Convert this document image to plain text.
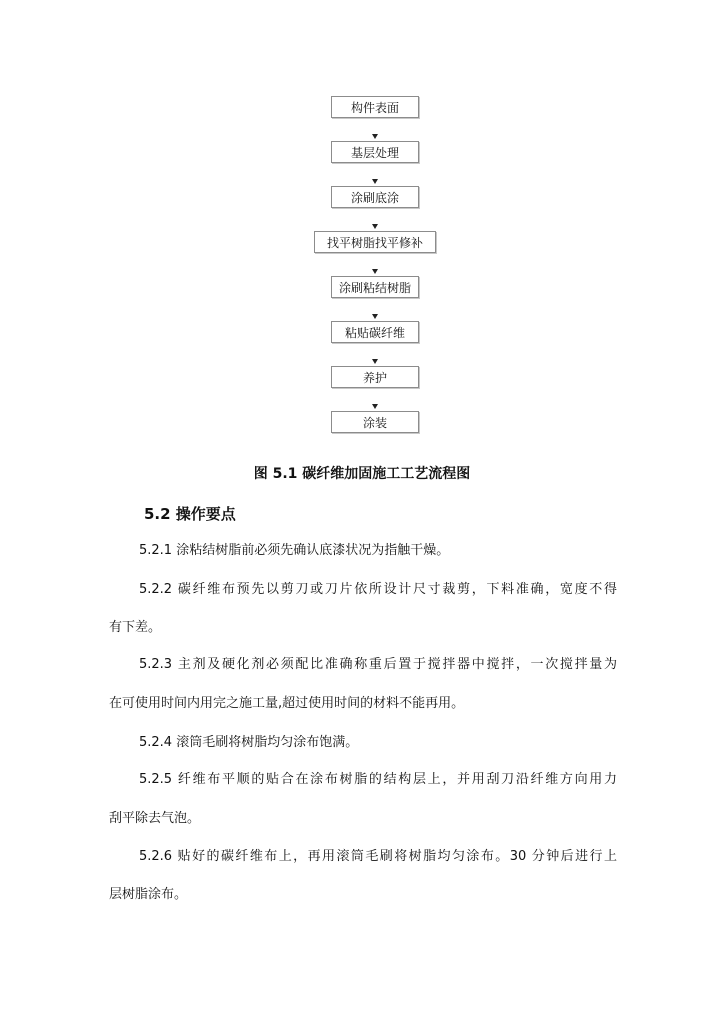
构件表面
基层处理
涂刷底涂
找平树脂找平修补
涂刷粘结树脂
粘贴碳纤维
养护
涂装
图 5.1 碳纤维加固施工工艺流程图
5.2 操作要点
5.2.1 涂粘结树脂前必须先确认底漆状况为指触干燥。
5.2.2 碳纤维布预先以剪刀或刀片依所设计尺寸裁剪，下料准确，宽度不得
有下差。
5.2.3 主剂及硬化剂必须配比准确称重后置于搅拌器中搅拌，一次搅拌量为
在可使用时间内用完之施工量,超过使用时间的材料不能再用。
5.2.4 滚筒毛刷将树脂均匀涂布饱满。
5.2.5 纤维布平顺的贴合在涂布树脂的结构层上，并用刮刀沿纤维方向用力
刮平除去气泡。
5.2.6 贴好的碳纤维布上，再用滚筒毛刷将树脂均匀涂布。30 分钟后进行上
层树脂涂布。
